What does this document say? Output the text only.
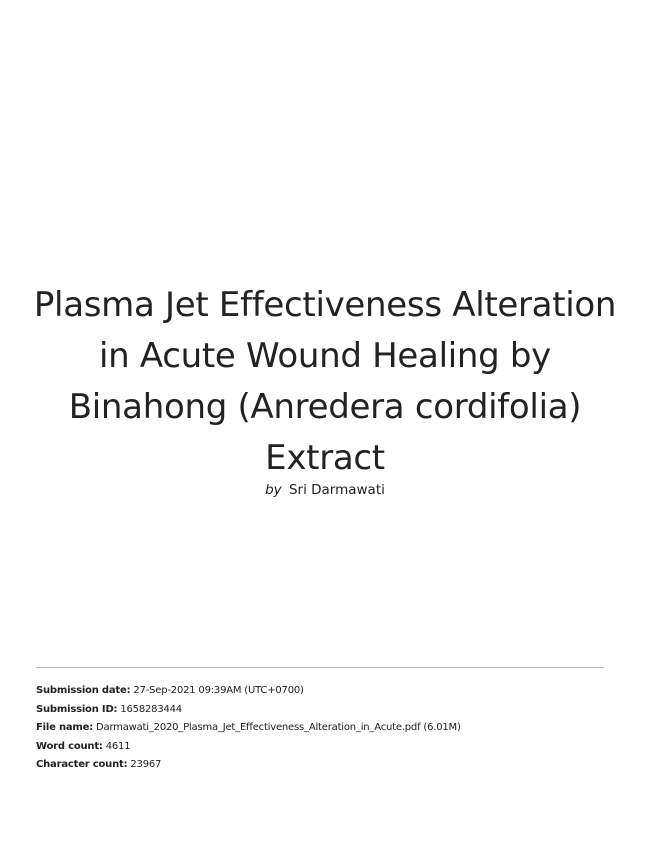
Plasma Jet Effectiveness Alteration in Acute Wound Healing by Binahong (Anredera cordifolia) Extract
by Sri Darmawati
Submission date: 27-Sep-2021 09:39AM (UTC+0700)
Submission ID: 1658283444
File name: Darmawati_2020_Plasma_Jet_Effectiveness_Alteration_in_Acute.pdf (6.01M)
Word count: 4611
Character count: 23967
